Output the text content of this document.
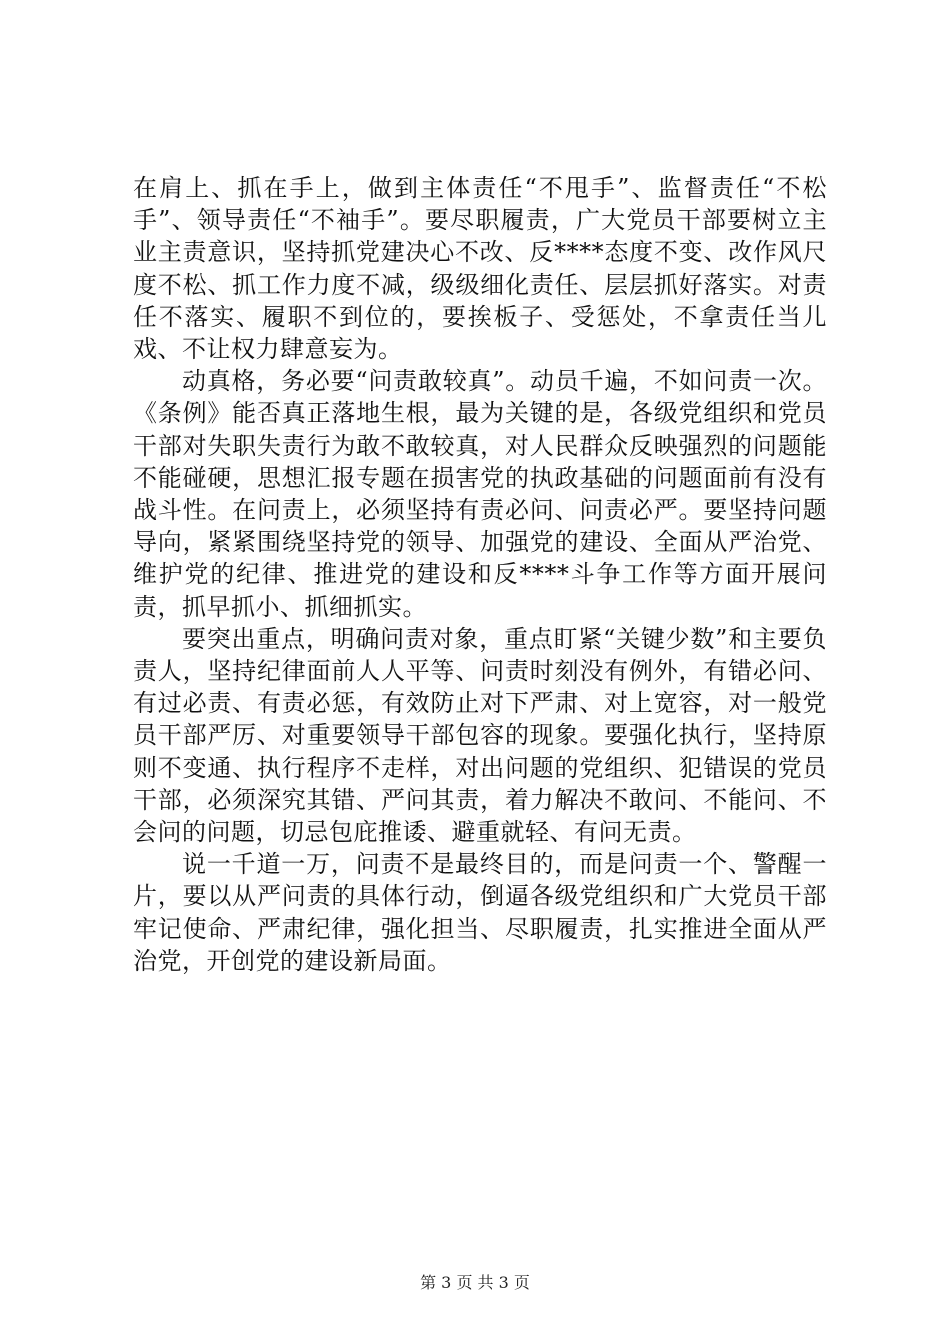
在肩上、抓在手上，做到主体责任“不甩手”、监督责任“不松手”、领导责任“不袖手”。要尽职履责，广大党员干部要树立主业主责意识，坚持抓党建决心不改、反****态度不变、改作风尺度不松、抓工作力度不减，级级细化责任、层层抓好落实。对责任不落实、履职不到位的，要挨板子、受惩处，不拿责任当儿戏、不让权力肆意妄为。

动真格，务必要“问责敢较真”。动员千遍，不如问责一次。《条例》能否真正落地生根，最为关键的是，各级党组织和党员干部对失职失责行为敢不敢较真，对人民群众反映强烈的问题能不能碰硬，思想汇报专题在损害党的执政基础的问题面前有没有战斗性。在问责上，必须坚持有责必问、问责必严。要坚持问题导向，紧紧围绕坚持党的领导、加强党的建设、全面从严治党、维护党的纪律、推进党的建设和反****斗争工作等方面开展问责，抓早抓小、抓细抓实。

要突出重点，明确问责对象，重点盯紧“关键少数”和主要负责人，坚持纪律面前人人平等、问责时刻没有例外，有错必问、有过必责、有责必惩，有效防止对下严肃、对上宽容，对一般党员干部严厉、对重要领导干部包容的现象。要强化执行，坚持原则不变通、执行程序不走样，对出问题的党组织、犯错误的党员干部，必须深究其错、严问其责，着力解决不敢问、不能问、不会问的问题，切忌包庇推诿、避重就轻、有问无责。

说一千道一万，问责不是最终目的，而是问责一个、警醒一片，要以从严问责的具体行动，倒逼各级党组织和广大党员干部牢记使命、严肃纪律，强化担当、尽职履责，扎实推进全面从严治党，开创党的建设新局面。

第 3 页 共 3 页
